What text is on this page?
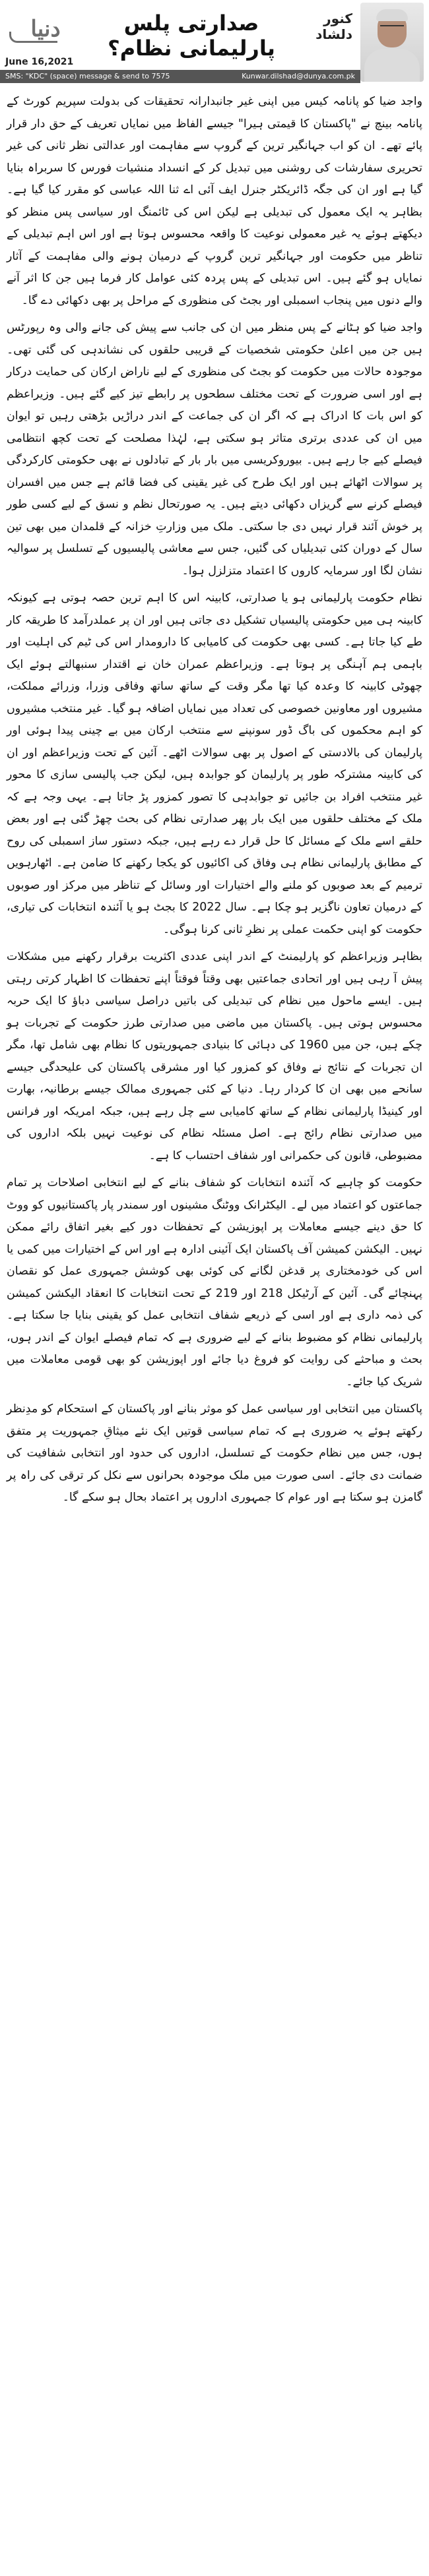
دنیا	صدارتی پلس پارلیمانی نظام؟
کنور دلشاد
June 16,2021
SMS: "KDC" (space) message & send to 7575	Kunwar.dilshad@dunya.com.pk

واجد ضیا کو پانامہ کیس میں اپنی غیر جانبدارانہ تحقیقات کی بدولت سپریم کورٹ کے پانامہ بینچ نے "پاکستان کا قیمتی ہیرا" جیسے الفاظ میں نمایاں تعریف کے حق دار قرار پائے تھے۔ ان کو اب جہانگیر ترین کے گروپ سے مفاہمت اور عدالتی نظر ثانی کی غیر تحریری سفارشات کی روشنی میں تبدیل کر کے انسداد منشیات فورس کا سربراہ بنایا گیا ہے اور ان کی جگہ ڈائریکٹر جنرل ایف آئی اے ثنا اللہ عباسی کو مقرر کیا گیا ہے۔ بظاہر یہ ایک معمول کی تبدیلی ہے لیکن اس کی ٹائمنگ اور سیاسی پس منظر کو دیکھتے ہوئے یہ غیر معمولی نوعیت کا واقعہ محسوس ہوتا ہے اور اس اہم تبدیلی کے تناظر میں حکومت اور جہانگیر ترین گروپ کے درمیان ہونے والی مفاہمت کے آثار نمایاں ہو گئے ہیں۔ اس تبدیلی کے پس پردہ کئی عوامل کار فرما ہیں جن کا اثر آنے والے دنوں میں پنجاب اسمبلی اور بجٹ کی منظوری کے مراحل پر بھی دکھائی دے گا۔

واجد ضیا کو ہٹانے کے پس منظر میں ان کی جانب سے پیش کی جانے والی وہ رپورٹس ہیں جن میں اعلیٰ حکومتی شخصیات کے قریبی حلقوں کی نشاندہی کی گئی تھی۔ موجودہ حالات میں حکومت کو بجٹ کی منظوری کے لیے ناراض ارکان کی حمایت درکار ہے اور اسی ضرورت کے تحت مختلف سطحوں پر رابطے تیز کیے گئے ہیں۔ وزیراعظم کو اس بات کا ادراک ہے کہ اگر ان کی جماعت کے اندر دراڑیں بڑھتی رہیں تو ایوان میں ان کی عددی برتری متاثر ہو سکتی ہے، لہٰذا مصلحت کے تحت کچھ انتظامی فیصلے کیے جا رہے ہیں۔ بیوروکریسی میں بار بار کے تبادلوں نے بھی حکومتی کارکردگی پر سوالات اٹھائے ہیں اور ایک طرح کی غیر یقینی کی فضا قائم ہے جس میں افسران فیصلے کرنے سے گریزاں دکھائی دیتے ہیں۔ یہ صورتحال نظم و نسق کے لیے کسی طور پر خوش آئند قرار نہیں دی جا سکتی۔ ملک میں وزارتِ خزانہ کے قلمدان میں بھی تین سال کے دوران کئی تبدیلیاں کی گئیں، جس سے معاشی پالیسیوں کے تسلسل پر سوالیہ نشان لگا اور سرمایہ کاروں کا اعتماد متزلزل ہوا۔

نظام حکومت پارلیمانی ہو یا صدارتی، کابینہ اس کا اہم ترین حصہ ہوتی ہے کیونکہ کابینہ ہی میں حکومتی پالیسیاں تشکیل دی جاتی ہیں اور ان پر عملدرآمد کا طریقہ کار طے کیا جاتا ہے۔ کسی بھی حکومت کی کامیابی کا دارومدار اس کی ٹیم کی اہلیت اور باہمی ہم آہنگی پر ہوتا ہے۔ وزیراعظم عمران خان نے اقتدار سنبھالتے ہوئے ایک چھوٹی کابینہ کا وعدہ کیا تھا مگر وقت کے ساتھ ساتھ وفاقی وزرا، وزرائے مملکت، مشیروں اور معاونین خصوصی کی تعداد میں نمایاں اضافہ ہو گیا۔ غیر منتخب مشیروں کو اہم محکموں کی باگ ڈور سونپنے سے منتخب ارکان میں بے چینی پیدا ہوئی اور پارلیمان کی بالادستی کے اصول پر بھی سوالات اٹھے۔ آئین کے تحت وزیراعظم اور ان کی کابینہ مشترکہ طور پر پارلیمان کو جوابدہ ہیں، لیکن جب پالیسی سازی کا محور غیر منتخب افراد بن جائیں تو جوابدہی کا تصور کمزور پڑ جاتا ہے۔ یہی وجہ ہے کہ ملک کے مختلف حلقوں میں ایک بار پھر صدارتی نظام کی بحث چھڑ گئی ہے اور بعض حلقے اسے ملک کے مسائل کا حل قرار دے رہے ہیں، جبکہ دستور ساز اسمبلی کی روح کے مطابق پارلیمانی نظام ہی وفاق کی اکائیوں کو یکجا رکھنے کا ضامن ہے۔ اٹھارہویں ترمیم کے بعد صوبوں کو ملنے والے اختیارات اور وسائل کے تناظر میں مرکز اور صوبوں کے درمیان تعاون ناگزیر ہو چکا ہے۔ سال 2022 کا بجٹ ہو یا آئندہ انتخابات کی تیاری، حکومت کو اپنی حکمت عملی پر نظرِ ثانی کرنا ہوگی۔

بظاہر وزیراعظم کو پارلیمنٹ کے اندر اپنی عددی اکثریت برقرار رکھنے میں مشکلات پیش آ رہی ہیں اور اتحادی جماعتیں بھی وقتاً فوقتاً اپنے تحفظات کا اظہار کرتی رہتی ہیں۔ ایسے ماحول میں نظام کی تبدیلی کی باتیں دراصل سیاسی دباؤ کا ایک حربہ محسوس ہوتی ہیں۔ پاکستان میں ماضی میں صدارتی طرز حکومت کے تجربات ہو چکے ہیں، جن میں 1960 کی دہائی کا بنیادی جمہوریتوں کا نظام بھی شامل تھا، مگر ان تجربات کے نتائج نے وفاق کو کمزور کیا اور مشرقی پاکستان کی علیحدگی جیسے سانحے میں بھی ان کا کردار رہا۔ دنیا کے کئی جمہوری ممالک جیسے برطانیہ، بھارت اور کینیڈا پارلیمانی نظام کے ساتھ کامیابی سے چل رہے ہیں، جبکہ امریکہ اور فرانس میں صدارتی نظام رائج ہے۔ اصل مسئلہ نظام کی نوعیت نہیں بلکہ اداروں کی مضبوطی، قانون کی حکمرانی اور شفاف احتساب کا ہے۔

حکومت کو چاہیے کہ آئندہ انتخابات کو شفاف بنانے کے لیے انتخابی اصلاحات پر تمام جماعتوں کو اعتماد میں لے۔ الیکٹرانک ووٹنگ مشینوں اور سمندر پار پاکستانیوں کو ووٹ کا حق دینے جیسے معاملات پر اپوزیشن کے تحفظات دور کیے بغیر اتفاق رائے ممکن نہیں۔ الیکشن کمیشن آف پاکستان ایک آئینی ادارہ ہے اور اس کے اختیارات میں کمی یا اس کی خودمختاری پر قدغن لگانے کی کوئی بھی کوشش جمہوری عمل کو نقصان پہنچائے گی۔ آئین کے آرٹیکل 218 اور 219 کے تحت انتخابات کا انعقاد الیکشن کمیشن کی ذمہ داری ہے اور اسی کے ذریعے شفاف انتخابی عمل کو یقینی بنایا جا سکتا ہے۔ پارلیمانی نظام کو مضبوط بنانے کے لیے ضروری ہے کہ تمام فیصلے ایوان کے اندر ہوں، بحث و مباحثے کی روایت کو فروغ دیا جائے اور اپوزیشن کو بھی قومی معاملات میں شریک کیا جائے۔

پاکستان میں انتخابی اور سیاسی عمل کو موثر بنانے اور پاکستان کے استحکام کو مدِنظر رکھتے ہوئے یہ ضروری ہے کہ تمام سیاسی قوتیں ایک نئے میثاقِ جمہوریت پر متفق ہوں، جس میں نظام حکومت کے تسلسل، اداروں کی حدود اور انتخابی شفافیت کی ضمانت دی جائے۔ اسی صورت میں ملک موجودہ بحرانوں سے نکل کر ترقی کی راہ پر گامزن ہو سکتا ہے اور عوام کا جمہوری اداروں پر اعتماد بحال ہو سکے گا۔
